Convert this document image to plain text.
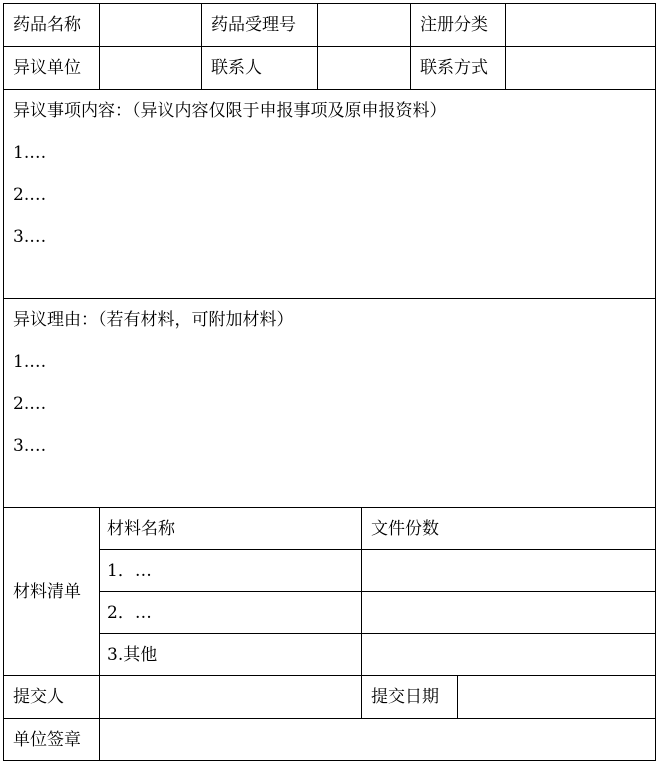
药品名称	药品受理号	注册分类
异议单位	联系人	联系方式
异议事项内容：（异议内容仅限于申报事项及原申报资料）
1.…
2.…
3.…
异议理由：（若有材料，可附加材料）
1.…
2.…
3.…
材料清单
材料名称	文件份数
1．…
2．…
3.其他
提交人	提交日期
单位签章
